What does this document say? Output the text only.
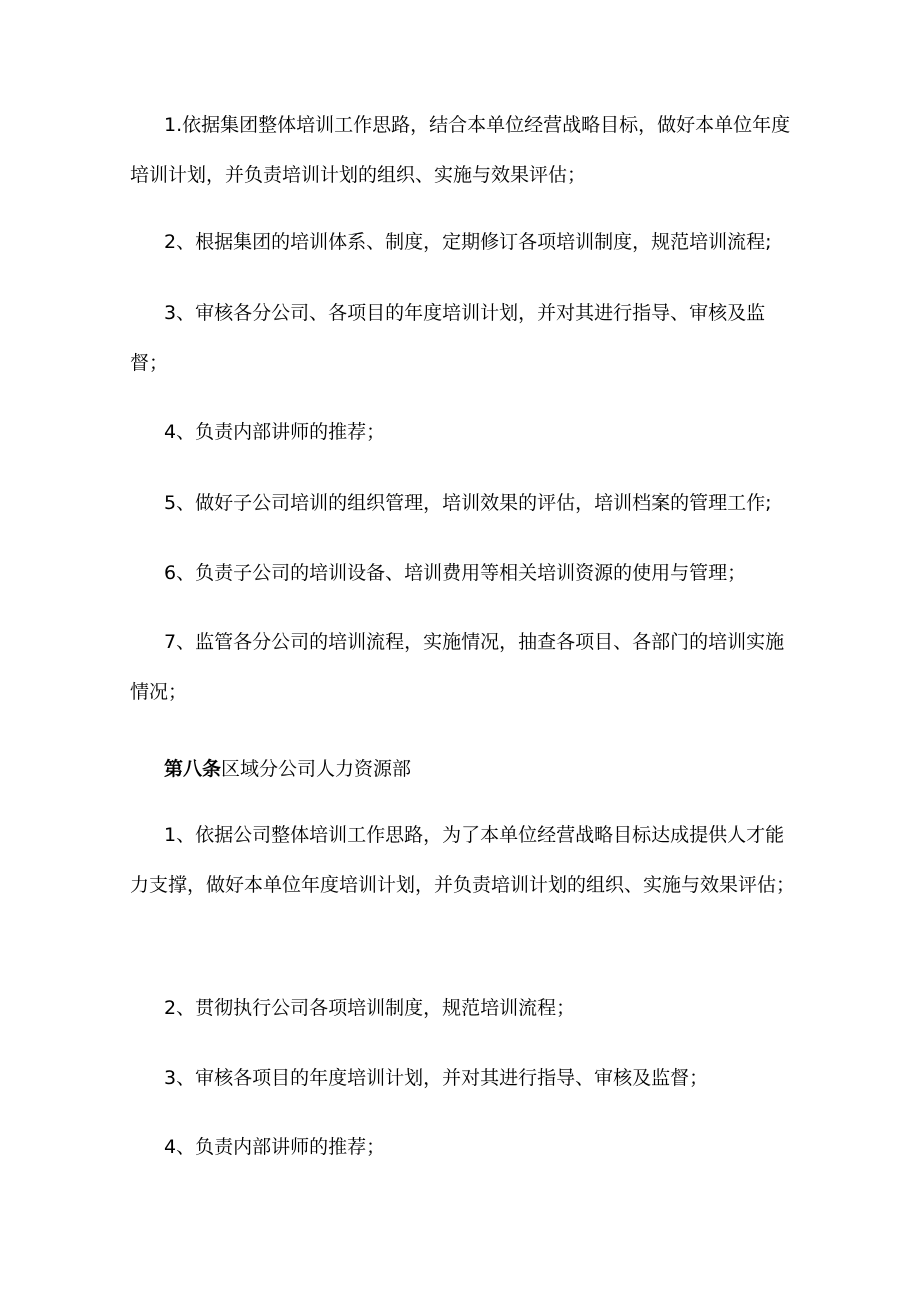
1.依据集团整体培训工作思路，结合本单位经营战略目标，做好本单位年度培训计划，并负责培训计划的组织、实施与效果评估；

2、根据集团的培训体系、制度，定期修订各项培训制度，规范培训流程;

3、审核各分公司、各项目的年度培训计划，并对其进行指导、审核及监督；

4、负责内部讲师的推荐；

5、做好子公司培训的组织管理，培训效果的评估，培训档案的管理工作;

6、负责子公司的培训设备、培训费用等相关培训资源的使用与管理；

7、监管各分公司的培训流程，实施情况，抽查各项目、各部门的培训实施情况；

第八条区域分公司人力资源部

1、依据公司整体培训工作思路，为了本单位经营战略目标达成提供人才能力支撑，做好本单位年度培训计划，并负责培训计划的组织、实施与效果评估；

2、贯彻执行公司各项培训制度，规范培训流程；

3、审核各项目的年度培训计划，并对其进行指导、审核及监督；

4、负责内部讲师的推荐；
